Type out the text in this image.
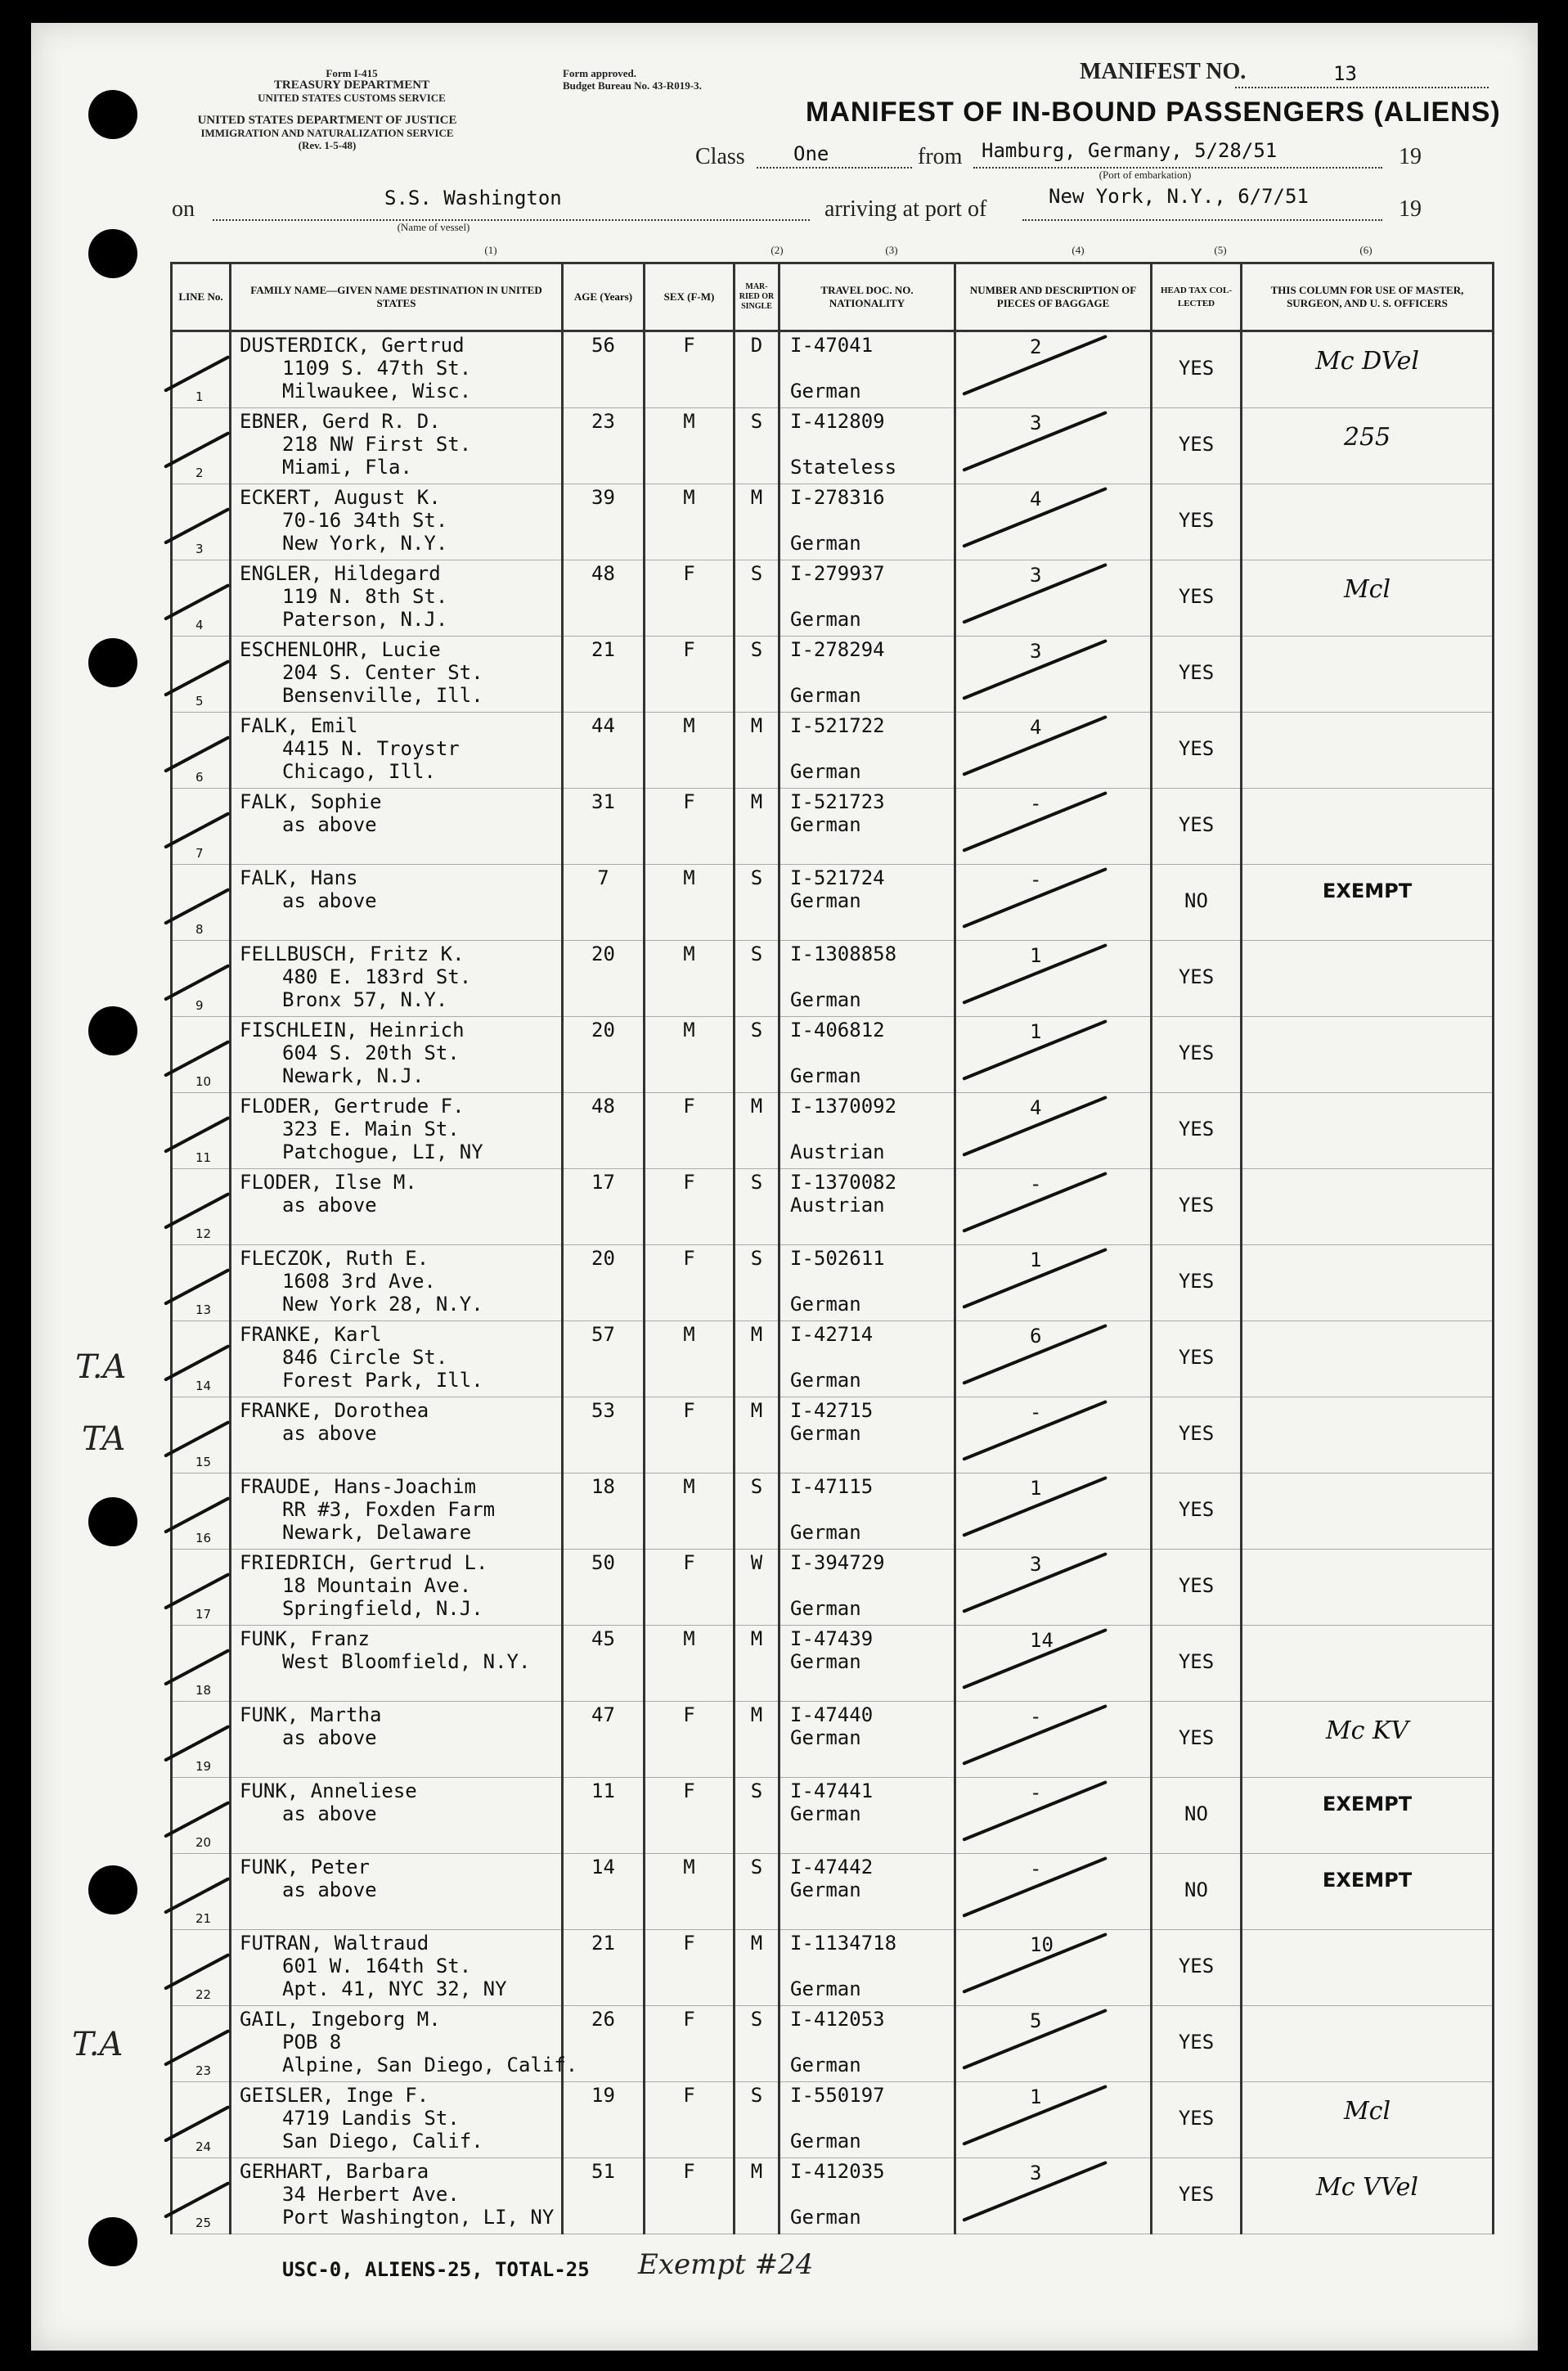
Form I-415
TREASURY DEPARTMENT
UNITED STATES CUSTOMS SERVICE
Form approved.
Budget Bureau No. 43-R019-3.
UNITED STATES DEPARTMENT OF JUSTICE
IMMIGRATION AND NATURALIZATION SERVICE
(Rev. 1-5-48)
MANIFEST NO.	13
MANIFEST OF IN-BOUND PASSENGERS (ALIENS)
Class One	from Hamburg, Germany, 5/28/51	19
(Port of embarkation)
on	S.S. Washington
(Name of vessel)
arriving at port of	New York, N.Y., 6/7/51	19
(1)	(2)	(3)	(4)	(5)	(6)
LINE No.	FAMILY NAME—GIVEN NAME DESTINATION IN UNITED STATES	AGE (Years)	SEX (F-M)	MAR-RIED OR SINGLE	TRAVEL DOC. NO. NATIONALITY	NUMBER AND DESCRIPTION OF PIECES OF BAGGAGE	HEAD TAX COL-LECTED	THIS COLUMN FOR USE OF MASTER, SURGEON, AND U. S. OFFICERS

1	DUSTERDICK, Gertrud
1109 S. 47th St.
Milwaukee, Wisc.	56	F	D	I-47041
German	2	YES	Mc DVel

2	EBNER, Gerd R. D.
218 NW First St.
Miami, Fla.	23	M	S	I-412809
Stateless	3	YES	255

3	ECKERT, August K.
70-16 34th St.
New York, N.Y.	39	M	M	I-278316
German	4	YES	

4	ENGLER, Hildegard
119 N. 8th St.
Paterson, N.J.	48	F	S	I-279937
German	3	YES	Mcl

5	ESCHENLOHR, Lucie
204 S. Center St.
Bensenville, Ill.	21	F	S	I-278294
German	3	YES	

6	FALK, Emil
4415 N. Troystr
Chicago, Ill.	44	M	M	I-521722
German	4	YES	

7	FALK, Sophie
as above	31	F	M	I-521723
German	-	YES	

8	FALK, Hans
as above	7	M	S	I-521724
German	-	NO	EXEMPT

9	FELLBUSCH, Fritz K.
480 E. 183rd St.
Bronx 57, N.Y.	20	M	S	I-1308858
German	1	YES	

10	FISCHLEIN, Heinrich
604 S. 20th St.
Newark, N.J.	20	M	S	I-406812
German	1	YES	

11	FLODER, Gertrude F.
323 E. Main St.
Patchogue, LI, NY	48	F	M	I-1370092
Austrian	4	YES	

12	FLODER, Ilse M.
as above	17	F	S	I-1370082
Austrian	-	YES	

13	FLECZOK, Ruth E.
1608 3rd Ave.
New York 28, N.Y.	20	F	S	I-502611
German	1	YES	

14	FRANKE, Karl
846 Circle St.
Forest Park, Ill.	57	M	M	I-42714
German	6	YES	

15	FRANKE, Dorothea
as above	53	F	M	I-42715
German	-	YES	

16	FRAUDE, Hans-Joachim
RR #3, Foxden Farm
Newark, Delaware	18	M	S	I-47115
German	1	YES	

17	FRIEDRICH, Gertrud L.
18 Mountain Ave.
Springfield, N.J.	50	F	W	I-394729
German	3	YES	

18	FUNK, Franz
West Bloomfield, N.Y.	45	M	M	I-47439
German	14	YES	

19	FUNK, Martha
as above	47	F	M	I-47440
German	-	YES	Mc KV

20	FUNK, Anneliese
as above	11	F	S	I-47441
German	-	NO	EXEMPT

21	FUNK, Peter
as above	14	M	S	I-47442
German	-	NO	EXEMPT

22	FUTRAN, Waltraud
601 W. 164th St.
Apt. 41, NYC 32, NY	21	F	M	I-1134718
German	10	YES	

23	GAIL, Ingeborg M.
POB 8
Alpine, San Diego, Calif.	26	F	S	I-412053
German	5	YES	

24	GEISLER, Inge F.
4719 Landis St.
San Diego, Calif.	19	F	S	I-550197
German	1	YES	Mcl

25	GERHART, Barbara
34 Herbert Ave.
Port Washington, LI, NY	51	F	M	I-412035
German	3	YES	Mc VVel
T.A
TA
T.A
USC-0, ALIENS-25, TOTAL-25 Exempt #24
